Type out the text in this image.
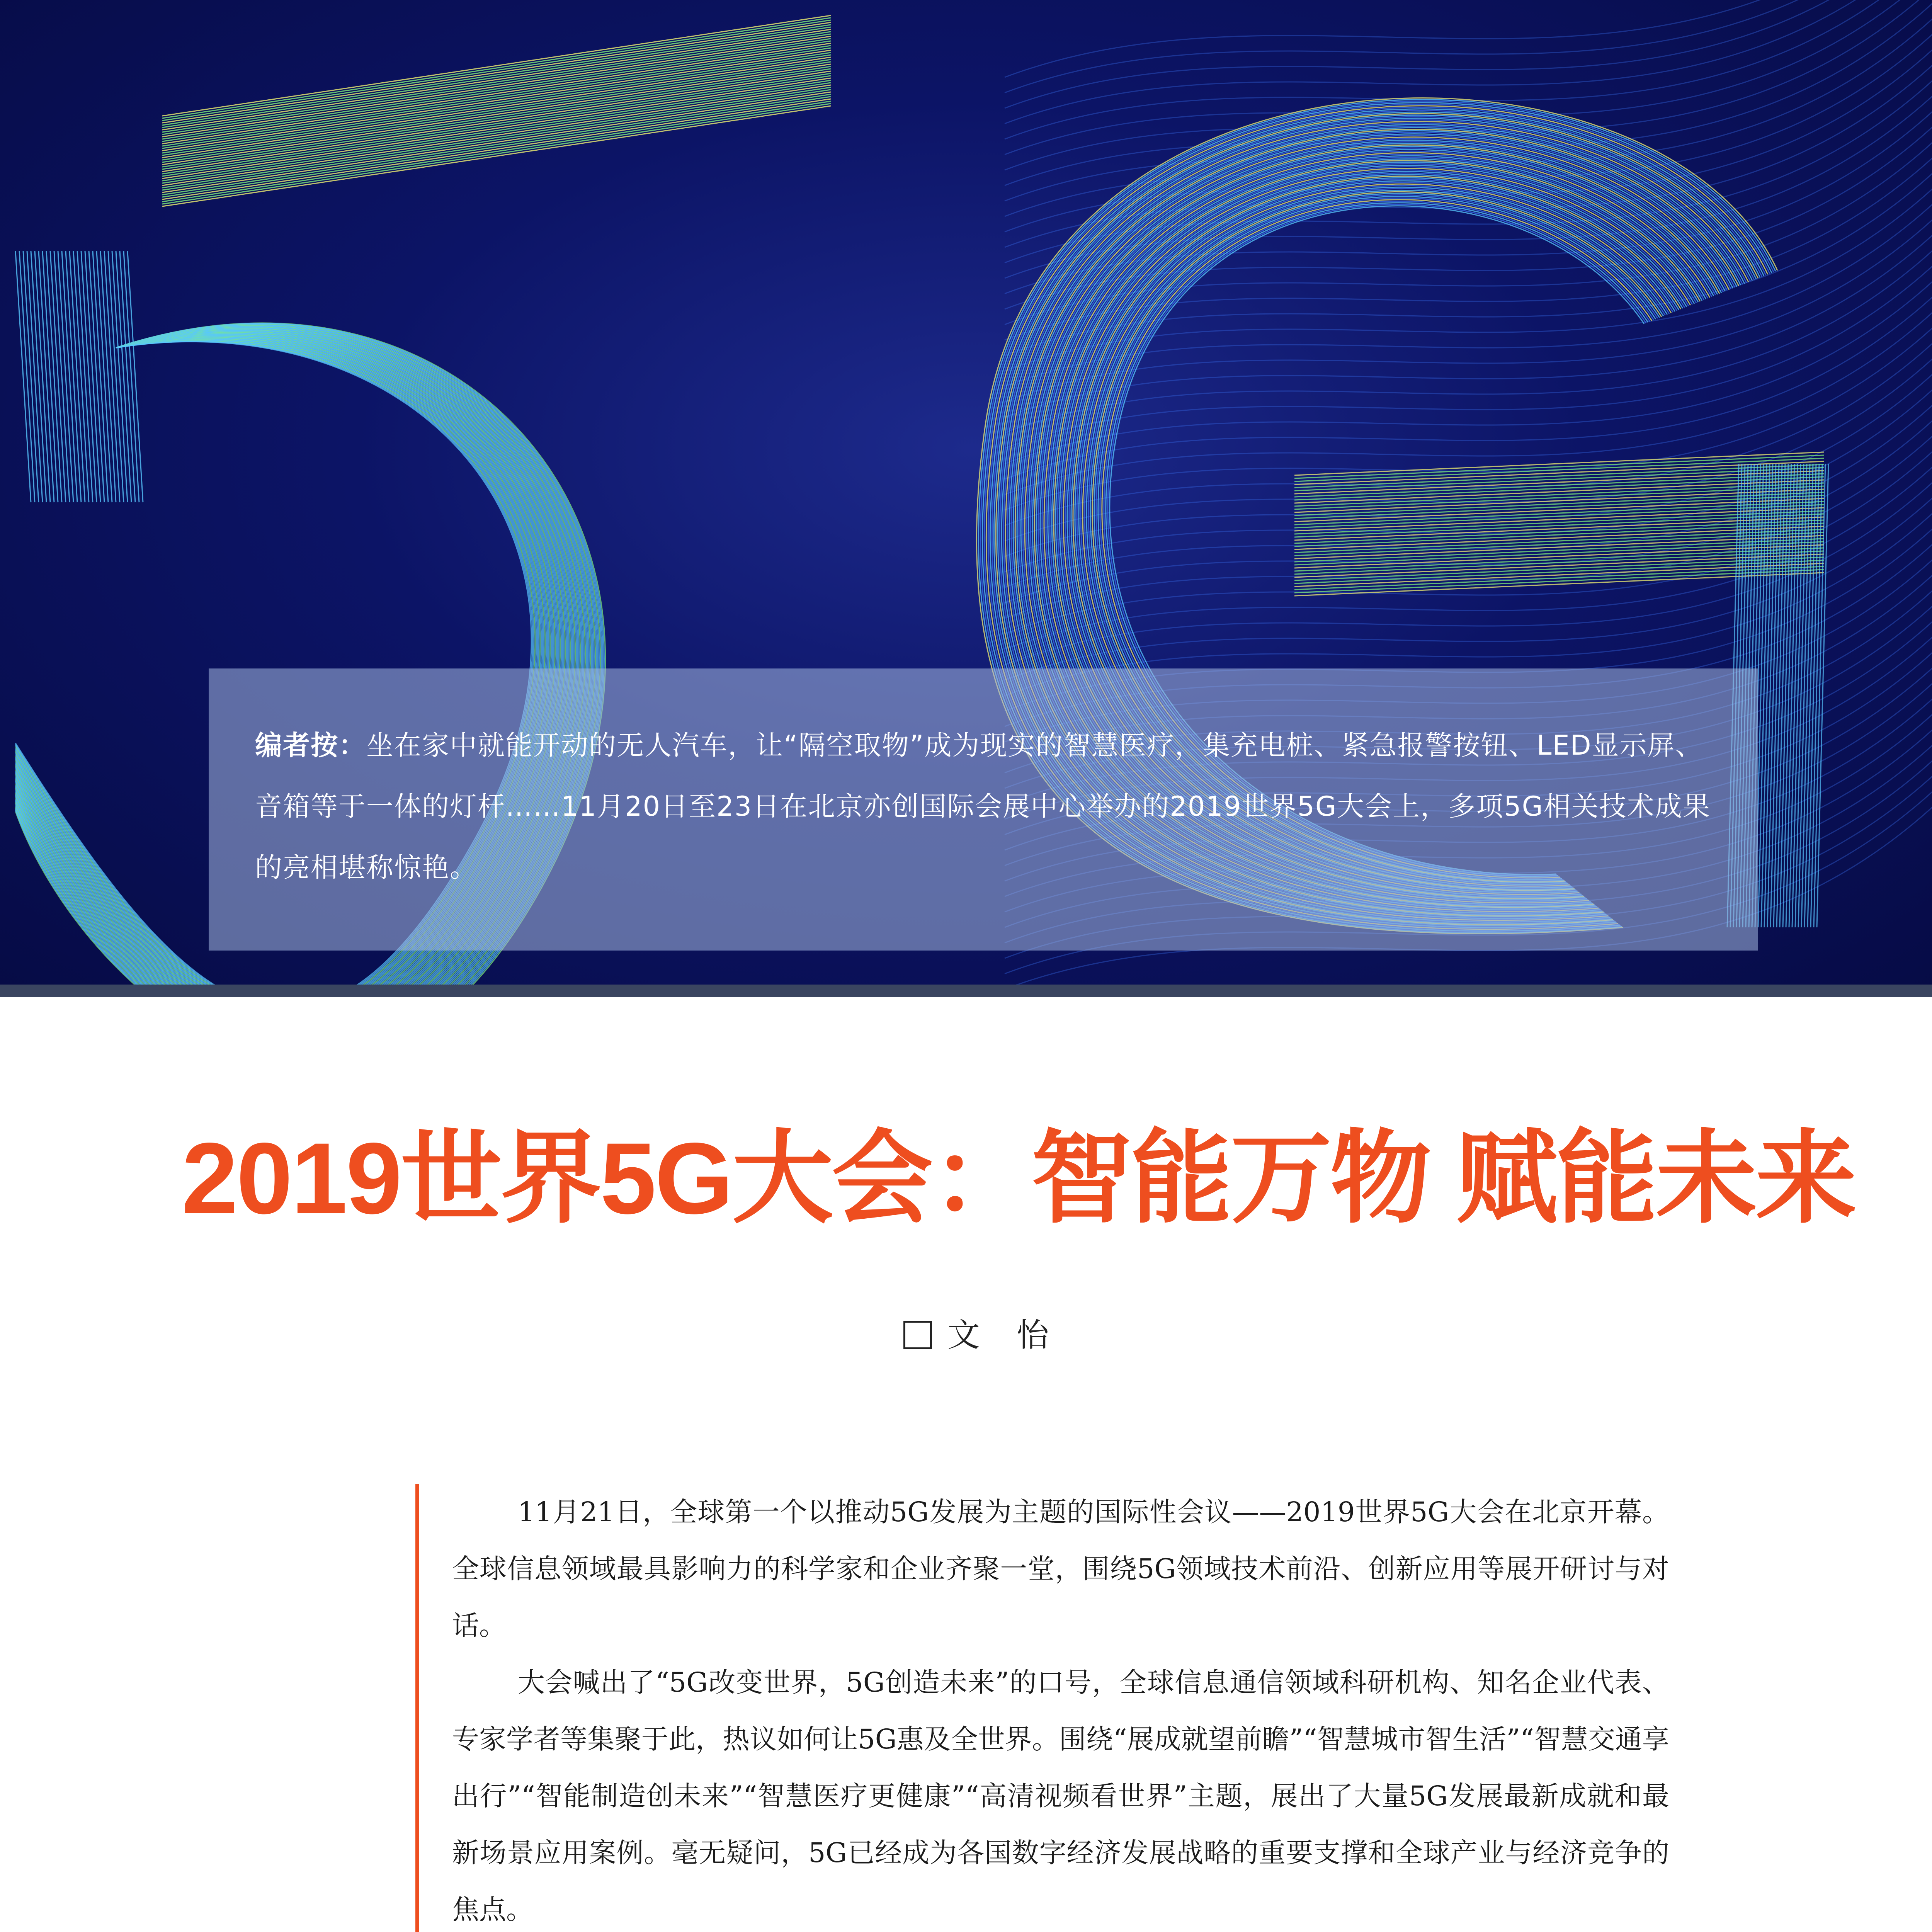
编者按：坐在家中就能开动的无人汽车，让“隔空取物”成为现实的智慧医疗，集充电桩、紧急报警按钮、LED显示屏、音箱等于一体的灯杆……11月20日至23日在北京亦创国际会展中心举办的2019世界5G大会上，多项5G相关技术成果的亮相堪称惊艳。
2019世界5G大会：智能万物 赋能未来
文 怡

11月21日，全球第一个以推动5G发展为主题的国际性会议——2019世界5G大会在北京开幕。全球信息领域最具影响力的科学家和企业齐聚一堂，围绕5G领域技术前沿、创新应用等展开研讨与对话。

大会喊出了“5G改变世界，5G创造未来”的口号，全球信息通信领域科研机构、知名企业代表、专家学者等集聚于此，热议如何让5G惠及全世界。围绕“展成就望前瞻”“智慧城市智生活”“智慧交通享出行”“智能制造创未来”“智慧医疗更健康”“高清视频看世界”主题，展出了大量5G发展最新成就和最新场景应用案例。毫无疑问，5G已经成为各国数字经济发展战略的重要支撑和全球产业与经济竞争的焦点。
